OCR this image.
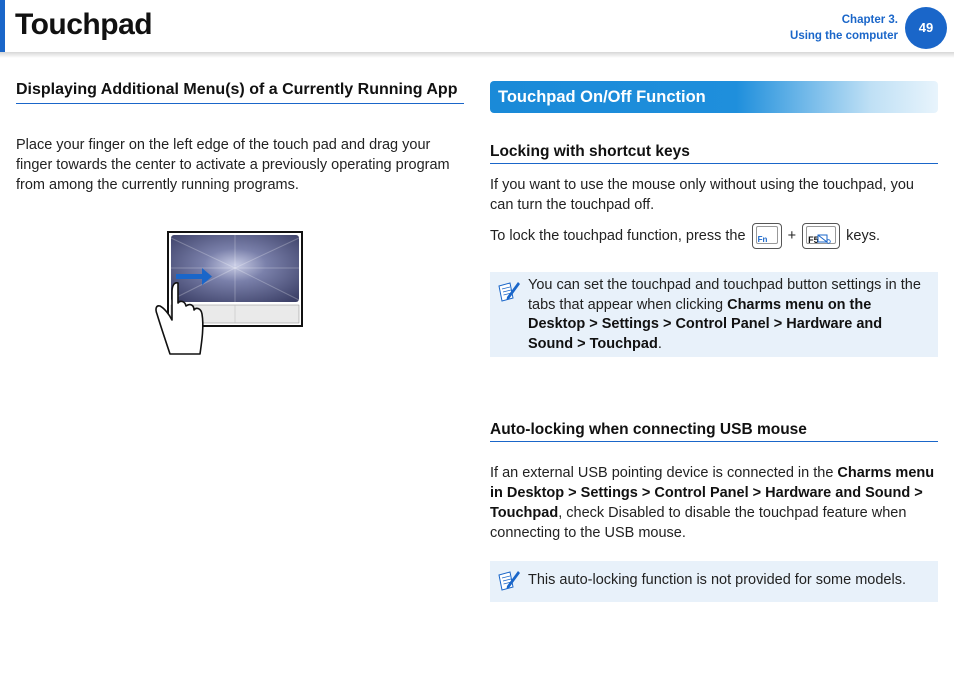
Touchpad	Chapter 3.
Using the computer
49
Displaying Additional Menu(s) of a Currently Running App
Place your finger on the left edge of the touch pad and drag your finger towards the center to activate a previously operating program from among the currently running programs.
Touchpad On/Off Function
Locking with shortcut keys
If you want to use the mouse only without using the touchpad, you can turn the touchpad off.
To lock the touchpad function, press the Fn + F5 keys.
You can set the touchpad and touchpad button settings in the tabs that appear when clicking Charms menu on the Desktop > Settings > Control Panel > Hardware and Sound > Touchpad.
Auto-locking when connecting USB mouse
If an external USB pointing device is connected in the Charms menu in Desktop > Settings > Control Panel > Hardware and Sound > Touchpad, check Disabled to disable the touchpad feature when connecting to the USB mouse.
This auto-locking function is not provided for some models.
